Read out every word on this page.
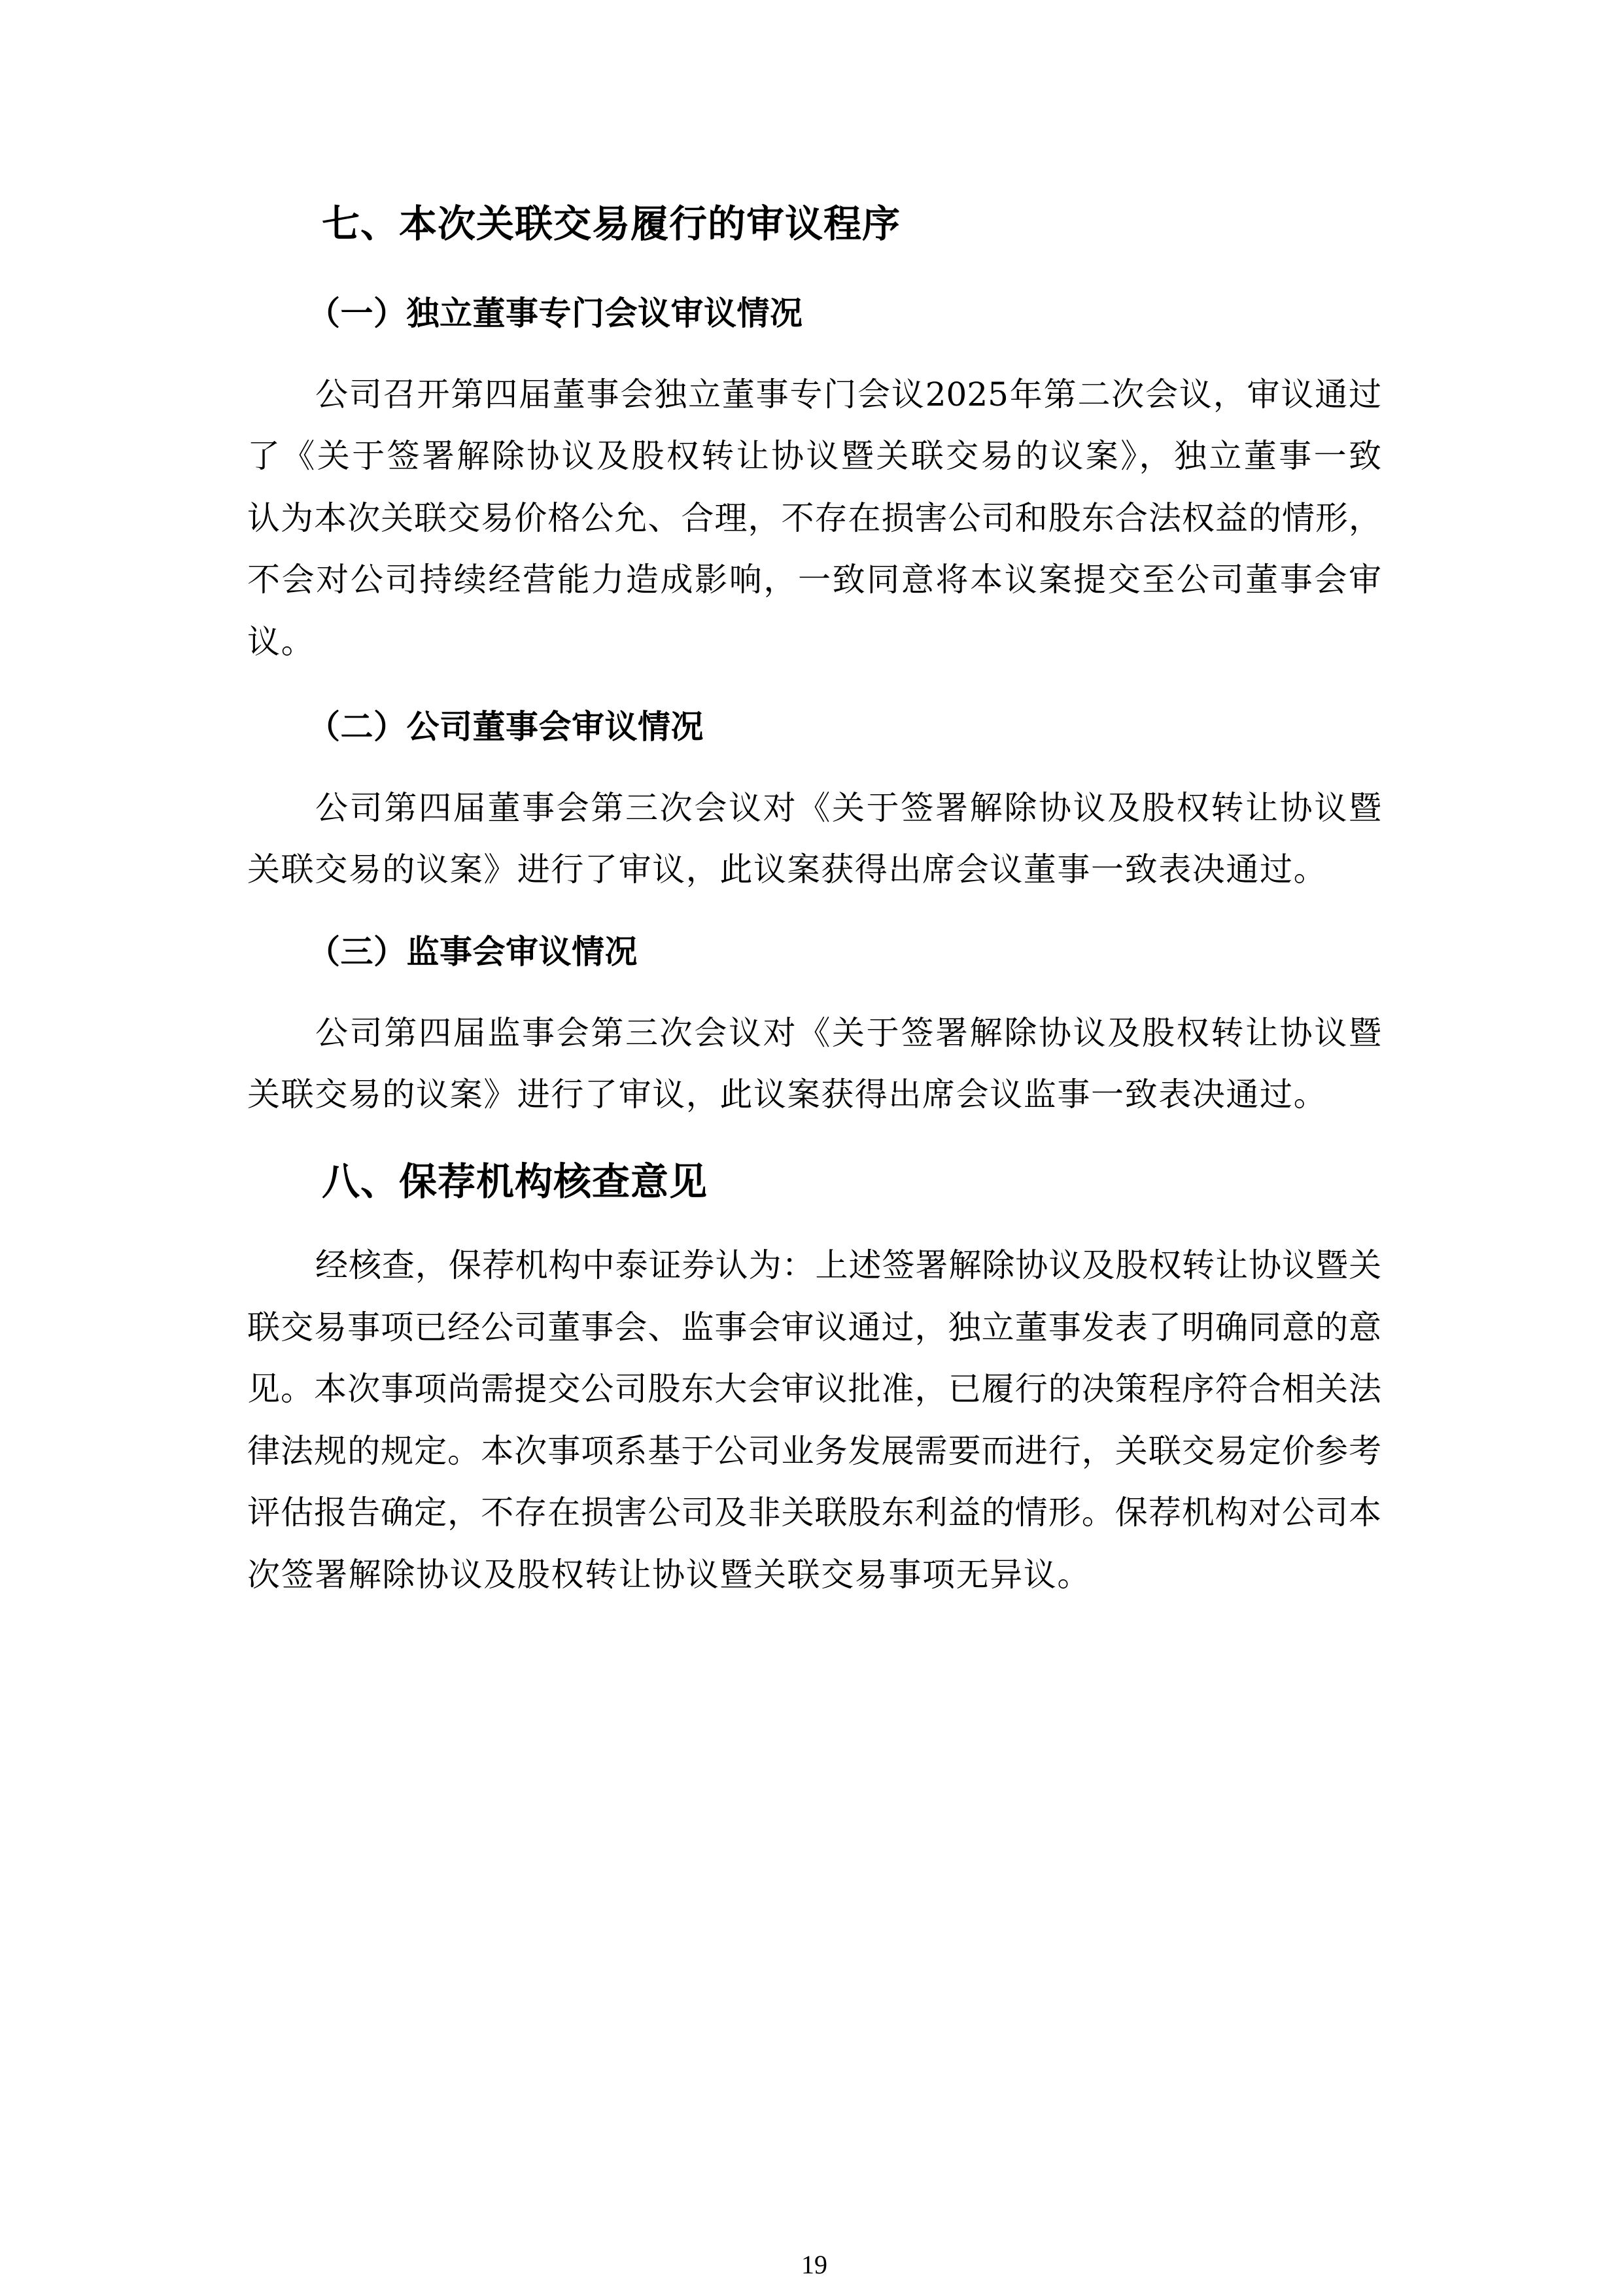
七、本次关联交易履行的审议程序
（一）独立董事专门会议审议情况
公司召开第四届董事会独立董事专门会议2025年第二次会议，审议通过
了《关于签署解除协议及股权转让协议暨关联交易的议案》，独立董事一致
认为本次关联交易价格公允、合理，不存在损害公司和股东合法权益的情形，
不会对公司持续经营能力造成影响，一致同意将本议案提交至公司董事会审
议。
（二）公司董事会审议情况
公司第四届董事会第三次会议对《关于签署解除协议及股权转让协议暨
关联交易的议案》进行了审议，此议案获得出席会议董事一致表决通过。
（三）监事会审议情况
公司第四届监事会第三次会议对《关于签署解除协议及股权转让协议暨
关联交易的议案》进行了审议，此议案获得出席会议监事一致表决通过。
八、保荐机构核查意见
经核查，保荐机构中泰证券认为：上述签署解除协议及股权转让协议暨关
联交易事项已经公司董事会、监事会审议通过，独立董事发表了明确同意的意
见。本次事项尚需提交公司股东大会审议批准，已履行的决策程序符合相关法
律法规的规定。本次事项系基于公司业务发展需要而进行，关联交易定价参考
评估报告确定，不存在损害公司及非关联股东利益的情形。保荐机构对公司本
次签署解除协议及股权转让协议暨关联交易事项无异议。
19
